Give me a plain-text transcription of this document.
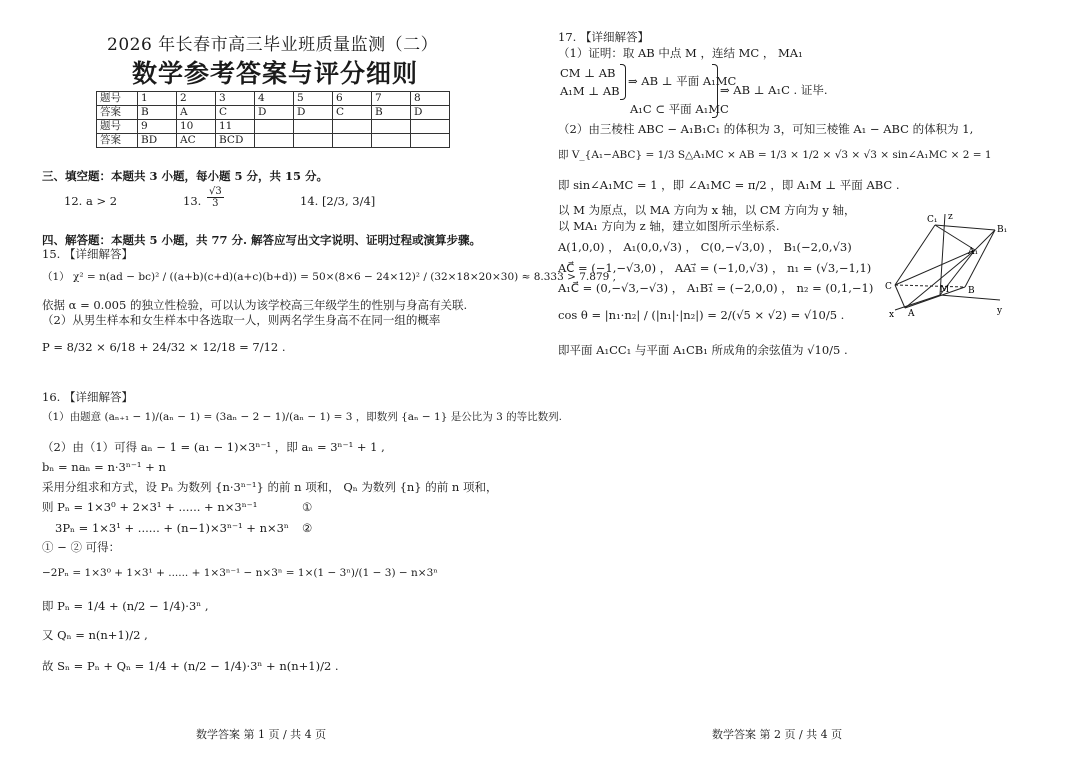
2026 年长春市高三毕业班质量监测（二）
数学参考答案与评分细则
题号	1	2	3	4	5	6	7	8
答案	B	A	C	D	D	C	B	D
题号	9	10	11					
答案	BD	AC	BCD					
三、填空题：本题共 3 小题，每小题 5 分，共 15 分。
12. a > 2	13. $\frac{√3}{3}$	14. [2/3, 3/4]
四、解答题：本题共 5 小题，共 77 分. 解答应写出文字说明、证明过程或演算步骤。
15. 【详细解答】
（1） χ² = n(ad − bc)² / ((a+b)(c+d)(a+c)(b+d)) = 50×(8×6 − 24×12)² / (32×18×20×30) ≈ 8.333 > 7.879 ,
依据 α = 0.005 的独立性检验，可以认为该学校高三年级学生的性别与身高有关联.
（2）从男生样本和女生样本中各选取一人，则两名学生身高不在同一组的概率
P = 8/32 × 6/18 + 24/32 × 12/18 = 7/12 .
16. 【详细解答】
（1）由题意 (aₙ₊₁ − 1)/(aₙ − 1) = (3aₙ − 2 − 1)/(aₙ − 1) = 3 ，即数列 {aₙ − 1} 是公比为 3 的等比数列.
（2）由（1）可得 aₙ − 1 = (a₁ − 1)×3ⁿ⁻¹ ，即 aₙ = 3ⁿ⁻¹ + 1 ,
bₙ = naₙ = n·3ⁿ⁻¹ + n
采用分组求和方式，设 Pₙ 为数列 {n·3ⁿ⁻¹} 的前 n 项和， Qₙ 为数列 {n} 的前 n 项和，
则 Pₙ = 1×3⁰ + 2×3¹ + ...... + n×3ⁿ⁻¹	①
3Pₙ = 1×3¹ + ...... + (n−1)×3ⁿ⁻¹ + n×3ⁿ ②
① − ② 可得：
−2Pₙ = 1×3⁰ + 1×3¹ + ...... + 1×3ⁿ⁻¹ − n×3ⁿ = 1×(1 − 3ⁿ)/(1 − 3) − n×3ⁿ
即 Pₙ = 1/4 + (n/2 − 1/4)·3ⁿ ,
又 Qₙ = n(n+1)/2 ,
故 Sₙ = Pₙ + Qₙ = 1/4 + (n/2 − 1/4)·3ⁿ + n(n+1)/2 .
数学答案 第 1 页 / 共 4 页
17. 【详细解答】
（1）证明：取 AB 中点 M ，连结 MC ， MA₁
CM ⊥ AB
A₁M ⊥ AB
⇒ AB ⊥ 平面 A₁MC
⇒ AB ⊥ A₁C . 证毕.
A₁C ⊂ 平面 A₁MC
（2）由三棱柱 ABC − A₁B₁C₁ 的体积为 3，可知三棱锥 A₁ − ABC 的体积为 1,
即 V_{A₁−ABC} = 1/3 S△A₁MC × AB = 1/3 × 1/2 × √3 × √3 × sin∠A₁MC × 2 = 1
即 sin∠A₁MC = 1 ，即 ∠A₁MC = π/2 ，即 A₁M ⊥ 平面 ABC .
以 M 为原点，以 MA 方向为 x 轴，以 CM 方向为 y 轴，
以 MA₁ 方向为 z 轴，建立如图所示坐标系.
A(1,0,0) ， A₁(0,0,√3) ， C(0,−√3,0) ， B₁(−2,0,√3)
AC⃗ = (−1,−√3,0) ， AA₁⃗ = (−1,0,√3) ， n₁ = (√3,−1,1)
A₁C⃗ = (0,−√3,−√3) ， A₁B₁⃗ = (−2,0,0) ， n₂ = (0,1,−1)
cos θ = |n₁·n₂| / (|n₁|·|n₂|) = 2/(√5 × √2) = √10/5 .
即平面 A₁CC₁ 与平面 A₁CB₁ 所成角的余弦值为 √10/5 .
C₁ z
B₁
A₁
C	B
M
A
x	y
数学答案 第 2 页 / 共 4 页
